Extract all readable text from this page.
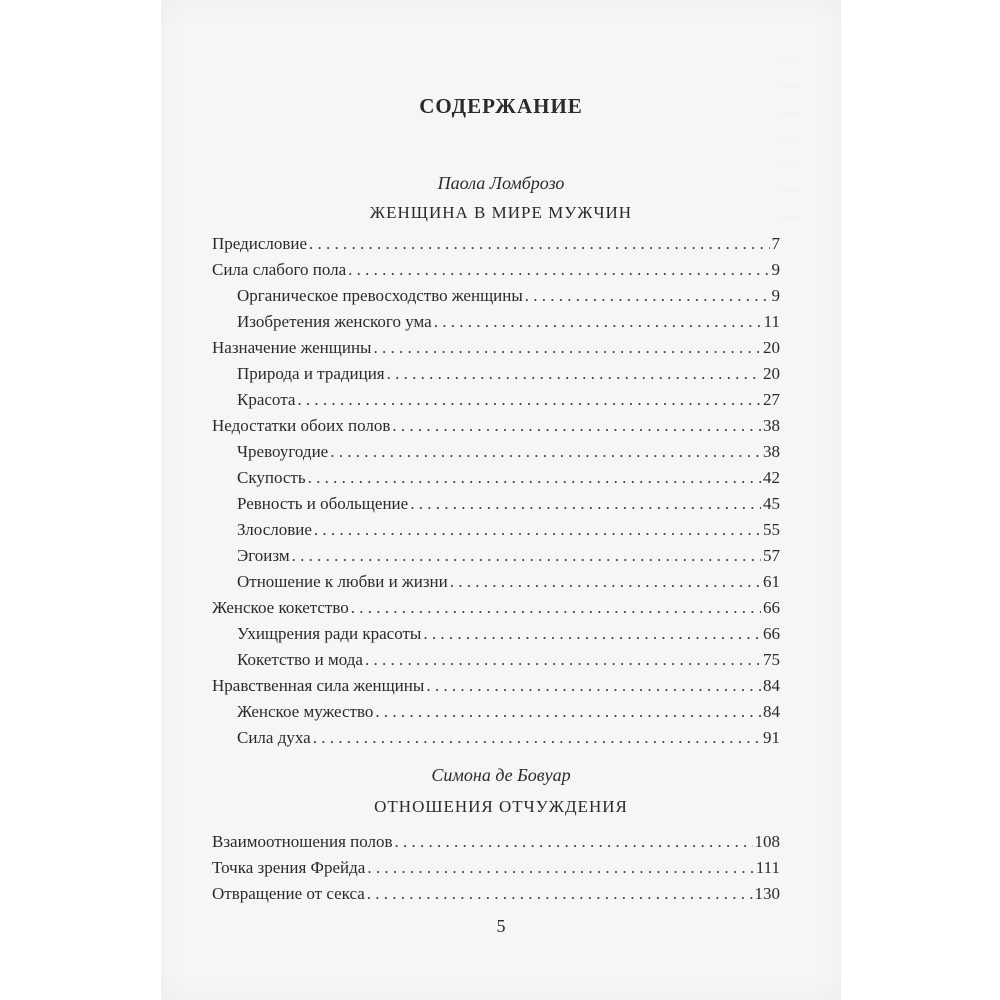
·····
·····
·····
·····
·····
·····
·····
СОДЕРЖАНИЕ
Паола Ломброзо
ЖЕНЩИНА В МИРЕ МУЖЧИН
Предисловие . . .	7
Сила слабого пола . . .	9
Органическое превосходство женщины . . .	9
Изобретения женского ума . . .	11
Назначение женщины . . .	20
Природа и традиция . . .	20
Красота . . .	27
Недостатки обоих полов . . .	38
Чревоугодие . . .	38
Скупость . . .	42
Ревность и обольщение . . .	45
Злословие . . .	55
Эгоизм . . .	57
Отношение к любви и жизни . . .	61
Женское кокетство . . .	66
Ухищрения ради красоты . . .	66
Кокетство и мода . . .	75
Нравственная сила женщины . . .	84
Женское мужество . . .	84
Сила духа . . .	91
Симона де Бовуар
ОТНОШЕНИЯ ОТЧУЖДЕНИЯ
Взаимоотношения полов . . .	108
Точка зрения Фрейда . . .	111
Отвращение от секса . . .	130
5
